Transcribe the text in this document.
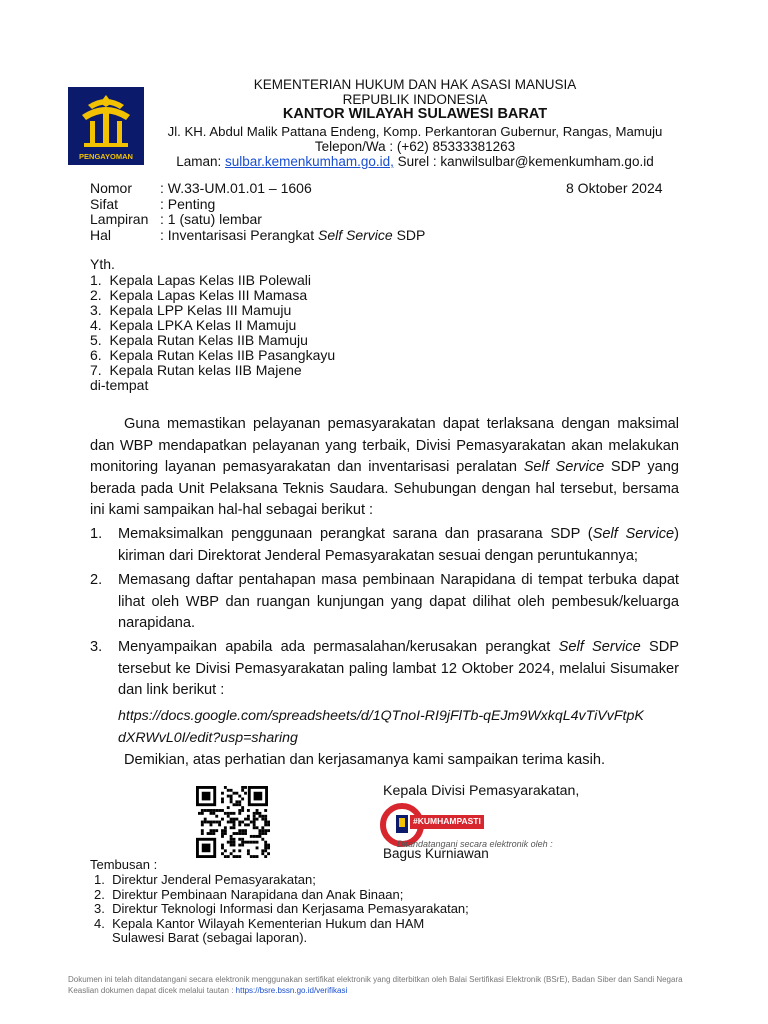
PENGAYOMAN
KEMENTERIAN HUKUM DAN HAK ASASI MANUSIA
REPUBLIK INDONESIA
KANTOR WILAYAH SULAWESI BARAT
Jl. KH. Abdul Malik Pattana Endeng, Komp. Perkantoran Gubernur, Rangas, Mamuju
Telepon/Wa : (+62) 85333381263
Laman: sulbar.kemenkumham.go.id, Surel : kanwilsulbar@kemenkumham.go.id
Nomor : W.33-UM.01.01 – 1606
Sifat	: Penting
Lampiran : 1 (satu) lembar
Hal	: Inventarisasi Perangkat Self Service SDP
8 Oktober 2024
Yth.
1.  Kepala Lapas Kelas IIB Polewali
2.  Kepala Lapas Kelas III Mamasa
3.  Kepala LPP Kelas III Mamuju
4.  Kepala LPKA Kelas II Mamuju
5.  Kepala Rutan Kelas IIB Mamuju
6.  Kepala Rutan Kelas IIB Pasangkayu
7.  Kepala Rutan kelas IIB Majene
di-tempat
Guna memastikan pelayanan pemasyarakatan dapat terlaksana dengan maksimal dan WBP mendapatkan pelayanan yang terbaik, Divisi Pemasyarakatan akan melakukan monitoring layanan pemasyarakatan dan inventarisasi peralatan Self Service SDP yang berada pada Unit Pelaksana Teknis Saudara. Sehubungan dengan hal tersebut, bersama ini kami sampaikan hal-hal sebagai berikut :
1.	Memaksimalkan penggunaan perangkat sarana dan prasarana SDP (Self Service) kiriman dari Direktorat Jenderal Pemasyarakatan sesuai dengan peruntukannya;
2.	Memasang daftar pentahapan masa pembinaan Narapidana di tempat terbuka dapat lihat oleh WBP dan ruangan kunjungan yang dapat dilihat oleh pembesuk/keluarga narapidana.
3.	Menyampaikan apabila ada permasalahan/kerusakan perangkat Self Service SDP tersebut ke Divisi Pemasyarakatan paling lambat 12 Oktober 2024, melalui Sisumaker dan link berikut :
https://docs.google.com/spreadsheets/d/1QTnoI-RI9jFlTb-qEJm9WxkqL4vTiVvFtpK
dXRWvL0I/edit?usp=sharing
Demikian, atas perhatian dan kerjasamanya kami sampaikan terima kasih.
Kepala Divisi Pemasyarakatan,
#KUMHAMPASTI
Ditandatangani secara elektronik oleh :
Bagus Kurniawan
Tembusan :
1.  Direktur Jenderal Pemasyarakatan;
2.  Direktur Pembinaan Narapidana dan Anak Binaan;
3.  Direktur Teknologi Informasi dan Kerjasama Pemasyarakatan;
4.  Kepala Kantor Wilayah Kementerian Hukum dan HAM
Sulawesi Barat (sebagai laporan).
Dokumen ini telah ditandatangani secara elektronik menggunakan sertifikat elektronik yang diterbitkan oleh Balai Sertifikasi Elektronik (BSrE), Badan Siber dan Sandi Negara
Keaslian dokumen dapat dicek melalui tautan : https://bsre.bssn.go.id/verifikasi
